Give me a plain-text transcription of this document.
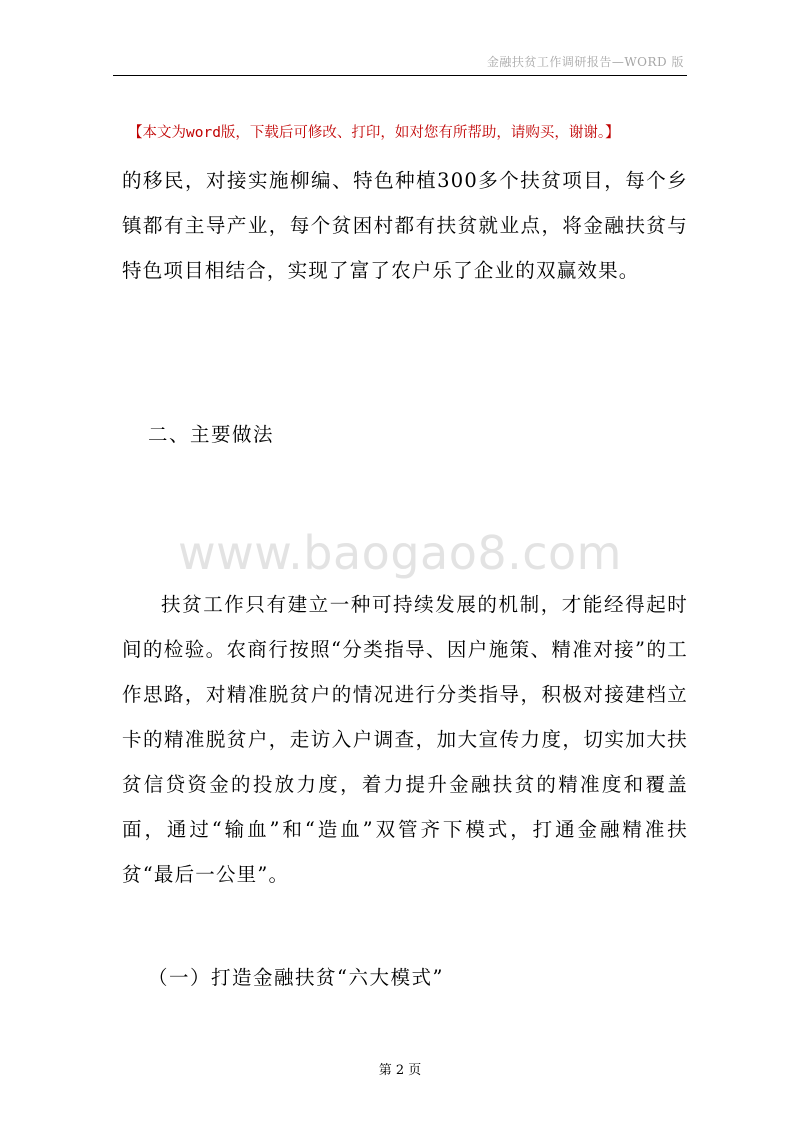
金融扶贫工作调研报告—WORD 版
【本文为word版，下载后可修改、打印，如对您有所帮助，请购买，谢谢。】
的移民，对接实施柳编、特色种植300多个扶贫项目，每个乡镇都有主导产业，每个贫困村都有扶贫就业点，将金融扶贫与特色项目相结合，实现了富了农户乐了企业的双赢效果。
二、主要做法
www.baogao8.com
扶贫工作只有建立一种可持续发展的机制，才能经得起时间的检验。农商行按照“分类指导、因户施策、精准对接”的工作思路，对精准脱贫户的情况进行分类指导，积极对接建档立卡的精准脱贫户，走访入户调查，加大宣传力度，切实加大扶贫信贷资金的投放力度，着力提升金融扶贫的精准度和覆盖面，通过“输血”和“造血”双管齐下模式，打通金融精准扶贫“最后一公里”。
（一）打造金融扶贫“六大模式”
第 2 页
